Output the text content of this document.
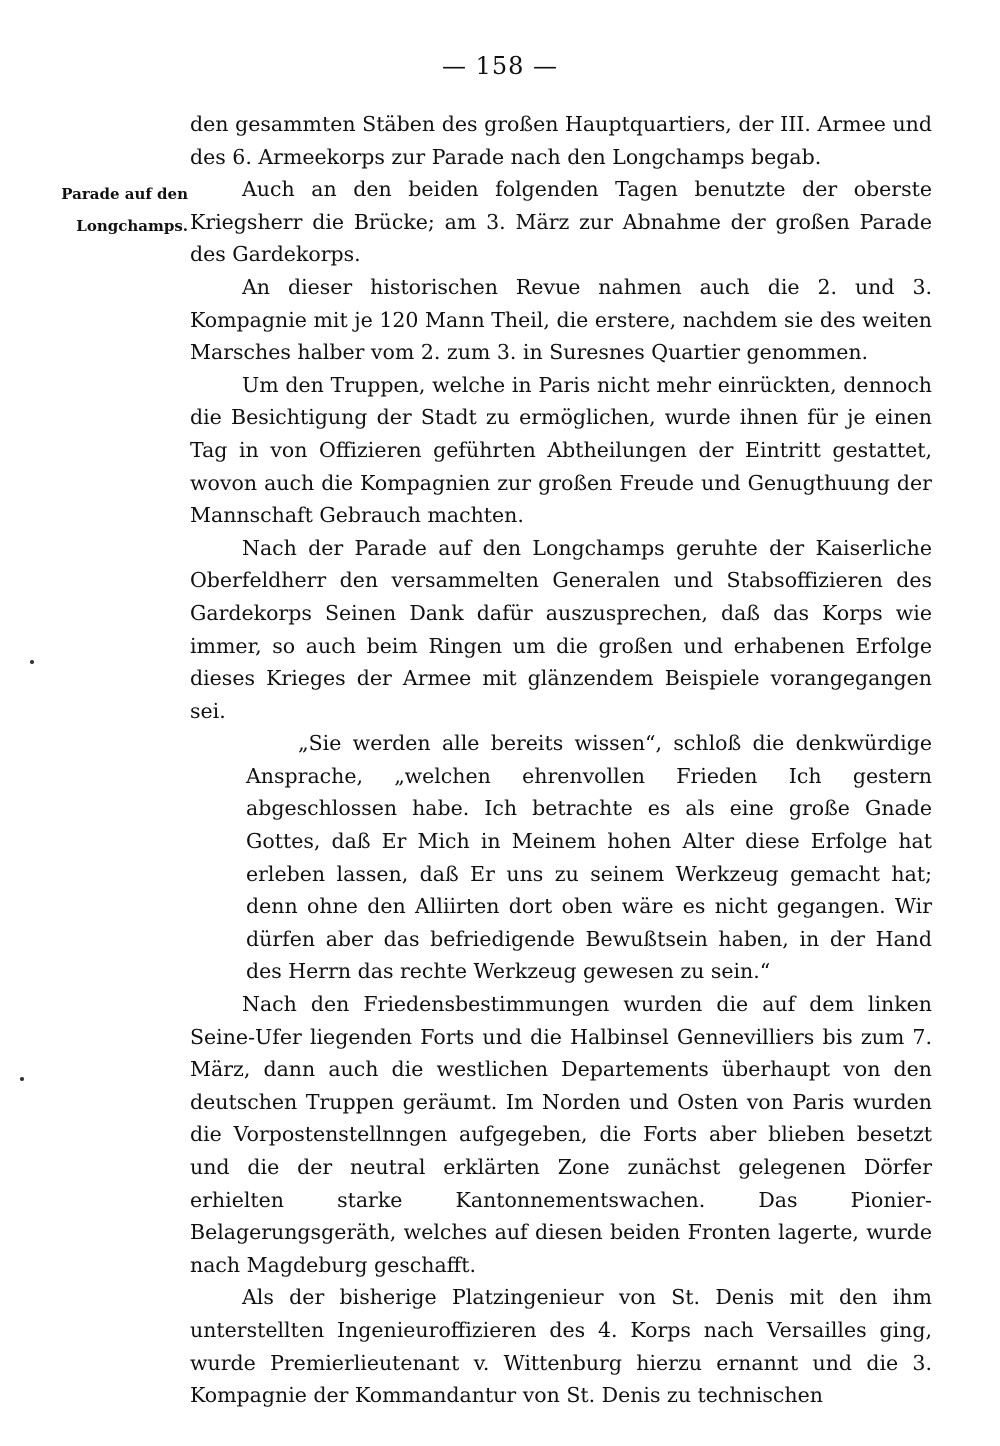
— 158 —
Parade auf den
Longchamps.

den gesammten Stäben des großen Hauptquartiers, der III. Armee und des 6. Armeekorps zur Parade nach den Longchamps begab.

Auch an den beiden folgenden Tagen benutzte der oberste Kriegsherr die Brücke; am 3. März zur Abnahme der großen Parade des Gardekorps.

An dieser historischen Revue nahmen auch die 2. und 3. Kompagnie mit je 120 Mann Theil, die erstere, nachdem sie des weiten Marsches halber vom 2. zum 3. in Suresnes Quartier genommen.

Um den Truppen, welche in Paris nicht mehr einrückten, dennoch die Besichtigung der Stadt zu ermöglichen, wurde ihnen für je einen Tag in von Offizieren geführten Abtheilungen der Eintritt gestattet, wovon auch die Kompagnien zur großen Freude und Genugthuung der Mannschaft Gebrauch machten.

Nach der Parade auf den Longchamps geruhte der Kaiserliche Oberfeldherr den versammelten Generalen und Stabsoffizieren des Gardekorps Seinen Dank dafür auszusprechen, daß das Korps wie immer, so auch beim Ringen um die großen und erhabenen Erfolge dieses Krieges der Armee mit glänzendem Beispiele vorangegangen sei.

„Sie werden alle bereits wissen“, schloß die denkwürdige Ansprache, „welchen ehrenvollen Frieden Ich gestern abgeschlossen habe. Ich betrachte es als eine große Gnade Gottes, daß Er Mich in Meinem hohen Alter diese Erfolge hat erleben lassen, daß Er uns zu seinem Werkzeug gemacht hat; denn ohne den Alliirten dort oben wäre es nicht gegangen. Wir dürfen aber das befriedigende Bewußtsein haben, in der Hand des Herrn das rechte Werkzeug gewesen zu sein.“

Nach den Friedensbestimmungen wurden die auf dem linken Seine-Ufer liegenden Forts und die Halbinsel Gennevilliers bis zum 7. März, dann auch die westlichen Departements überhaupt von den deutschen Truppen geräumt. Im Norden und Osten von Paris wurden die Vorpostenstellnngen aufgegeben, die Forts aber blieben besetzt und die der neutral erklärten Zone zunächst gelegenen Dörfer erhielten starke Kantonnementswachen. Das Pionier-Belagerungsgeräth, welches auf diesen beiden Fronten lagerte, wurde nach Magdeburg geschafft.

Als der bisherige Platzingenieur von St. Denis mit den ihm unterstellten Ingenieuroffizieren des 4. Korps nach Versailles ging, wurde Premierlieutenant v. Wittenburg hierzu ernannt und die 3. Kompagnie der Kommandantur von St. Denis zu technischen
